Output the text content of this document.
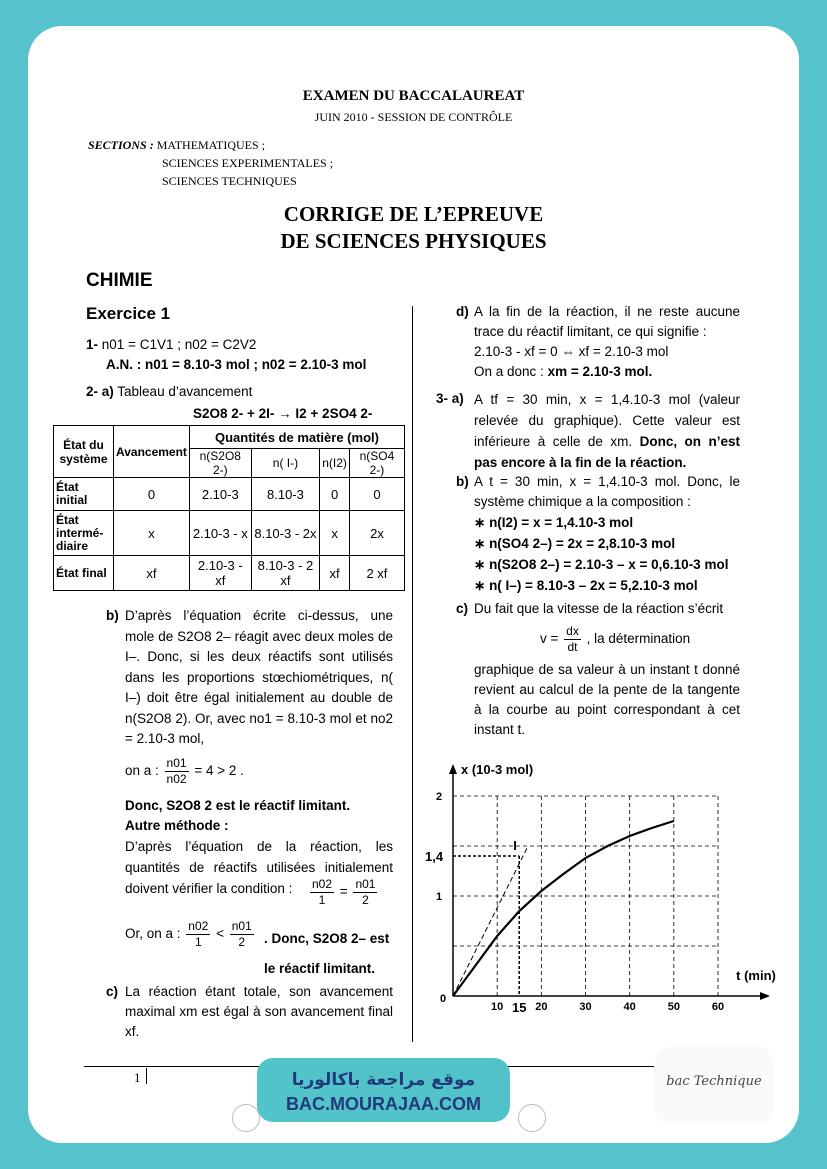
EXAMEN DU BACCALAUREAT
JUIN 2010 - SESSION DE CONTRÔLE
SECTIONS : MATHEMATIQUES ;
SCIENCES EXPERIMENTALES ;
SCIENCES TECHNIQUES
CORRIGE DE L’EPREUVE
DE SCIENCES PHYSIQUES
CHIMIE
Exercice 1
1- n01 = C1V1 ; n02 = C2V2
A.N. : n01 = 8.10-3 mol ; n02 = 2.10-3 mol
2- a) Tableau d’avancement
S2O8 2- + 2I- → I2 + 2SO4 2-
État du système	Avancement	Quantités de matière (mol)			
		n(S2O8 2-)	n( I-)	n(I2)	n(SO4 2-)
État initial	0	2.10-3	8.10-3	0	0
État intermé-diaire	x	2.10-3 - x	8.10-3 - 2x	x	2x
État final	xf	2.10-3 - xf	8.10-3 - 2 xf	xf	2 xf
b) D’après l’équation écrite ci-dessus, une mole de S2O8 2– réagit avec deux moles de I–. Donc, si les deux réactifs sont utilisés dans les proportions stœchiométriques, n( I–) doit être égal initialement au double de n(S2O8 2). Or, avec no1 = 8.10-3 mol et no2 = 2.10-3 mol,
on a : $\frac{n01}{n02} = 4 > 2$ .
Donc, S2O8 2 est le réactif limitant.
Autre méthode :
D’après l’équation de la réaction, les quantités de réactifs utilisées initialement doivent vérifier la condition :	$\frac{n02}{1} = \frac{n01}{2}$
Or, on a : $\frac{n02}{1} < \frac{n01}{2}$ . Donc, S2O8 2– est le réactif limitant.
c) La réaction étant totale, son avancement maximal xm est égal à son avancement final xf.
d) A la fin de la réaction, il ne reste aucune trace du réactif limitant, ce qui signifie :
2.10-3 - xf = 0 ⇔ xf = 2.10-3 mol
On a donc : xm = 2.10-3 mol.
3- a) A tf = 30 min, x = 1,4.10-3 mol (valeur relevée du graphique). Cette valeur est inférieure à celle de xm. Donc, on n’est pas encore à la fin de la réaction.
b) A t = 30 min, x = 1,4.10-3 mol. Donc, le système chimique a la composition :
∗ n(I2) = x = 1,4.10-3 mol
∗ n(SO4 2–) = 2x = 2,8.10-3 mol
∗ n(S2O8 2–) = 2.10-3 – x = 0,6.10-3 mol
∗ n( I–) = 8.10-3 – 2x = 5,2.10-3 mol
c) Du fait que la vitesse de la réaction s’écrit
$v = \frac{dx}{dt}$ , la détermination
graphique de sa valeur à un instant t donné revient au calcul de la pente de la tangente à la courbe au point correspondant à cet instant t.
10	20	30	40	50	60
0
1
2
x (10-3 mol)
t (min)
I
1,4
15
1	موقع مراجعة باكالوريا
BAC.MOURAJAA.COM
bac Technique
